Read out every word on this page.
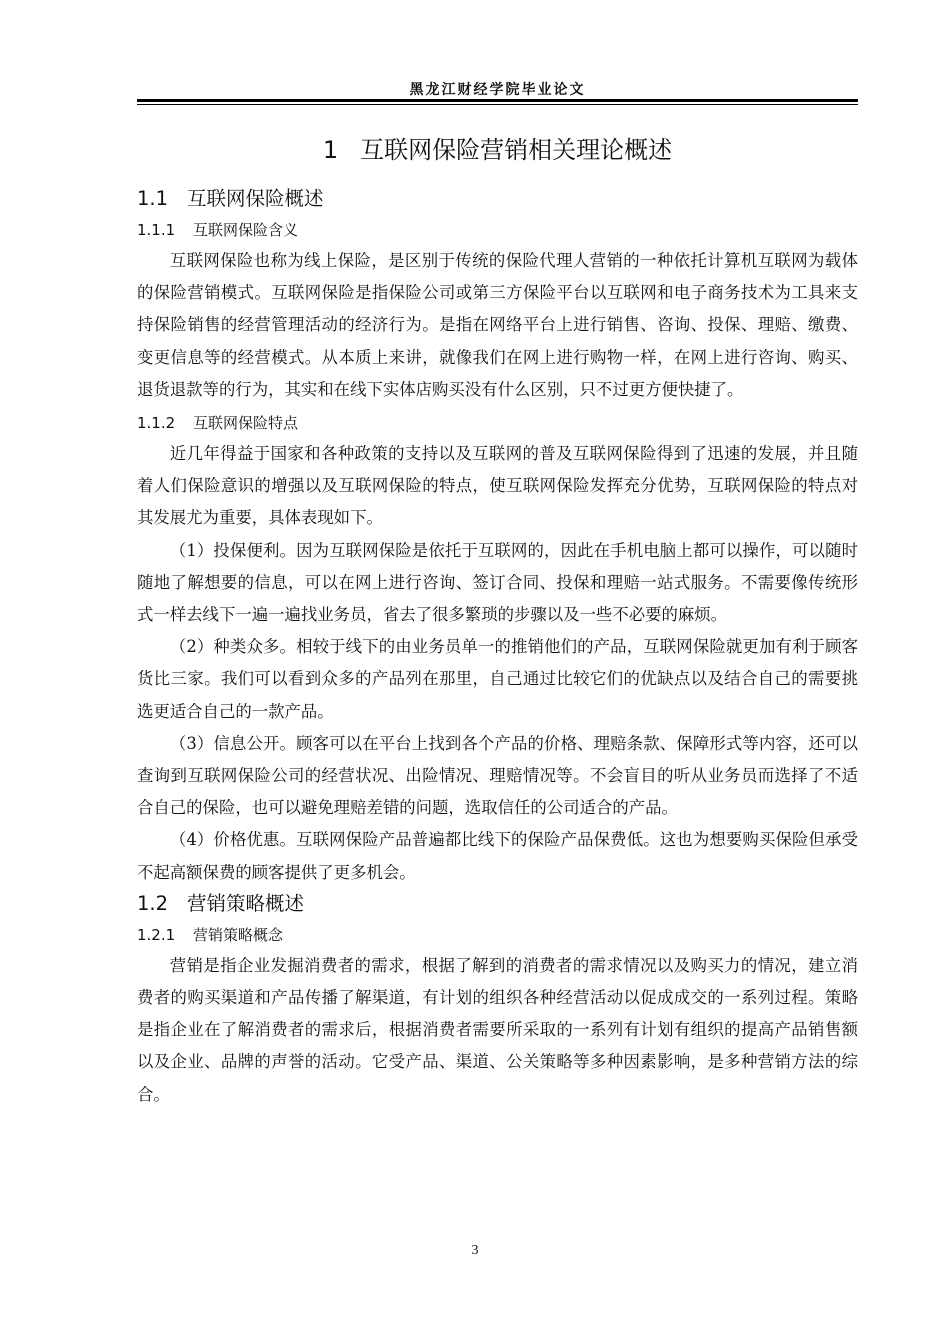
黑龙江财经学院毕业论文
1 互联网保险营销相关理论概述
1.1 互联网保险概述
1.1.1 互联网保险含义

互联网保险也称为线上保险，是区别于传统的保险代理人营销的一种依托计算机互联网为载体的保险营销模式。互联网保险是指保险公司或第三方保险平台以互联网和电子商务技术为工具来支持保险销售的经营管理活动的经济行为。是指在网络平台上进行销售、咨询、投保、理赔、缴费、变更信息等的经营模式。从本质上来讲，就像我们在网上进行购物一样，在网上进行咨询、购买、退货退款等的行为，其实和在线下实体店购买没有什么区别，只不过更方便快捷了。

1.1.2 互联网保险特点

近几年得益于国家和各种政策的支持以及互联网的普及互联网保险得到了迅速的发展，并且随着人们保险意识的增强以及互联网保险的特点，使互联网保险发挥充分优势，互联网保险的特点对其发展尤为重要，具体表现如下。

（1）投保便利。因为互联网保险是依托于互联网的，因此在手机电脑上都可以操作，可以随时随地了解想要的信息，可以在网上进行咨询、签订合同、投保和理赔一站式服务。不需要像传统形式一样去线下一遍一遍找业务员，省去了很多繁琐的步骤以及一些不必要的麻烦。

（2）种类众多。相较于线下的由业务员单一的推销他们的产品，互联网保险就更加有利于顾客货比三家。我们可以看到众多的产品列在那里，自己通过比较它们的优缺点以及结合自己的需要挑选更适合自己的一款产品。

（3）信息公开。顾客可以在平台上找到各个产品的价格、理赔条款、保障形式等内容，还可以查询到互联网保险公司的经营状况、出险情况、理赔情况等。不会盲目的听从业务员而选择了不适合自己的保险，也可以避免理赔差错的问题，选取信任的公司适合的产品。

（4）价格优惠。互联网保险产品普遍都比线下的保险产品保费低。这也为想要购买保险但承受不起高额保费的顾客提供了更多机会。

1.2 营销策略概述
1.2.1 营销策略概念

营销是指企业发掘消费者的需求，根据了解到的消费者的需求情况以及购买力的情况，建立消费者的购买渠道和产品传播了解渠道，有计划的组织各种经营活动以促成成交的一系列过程。策略是指企业在了解消费者的需求后，根据消费者需要所采取的一系列有计划有组织的提高产品销售额以及企业、品牌的声誉的活动。它受产品、渠道、公关策略等多种因素影响，是多种营销方法的综合。

3
